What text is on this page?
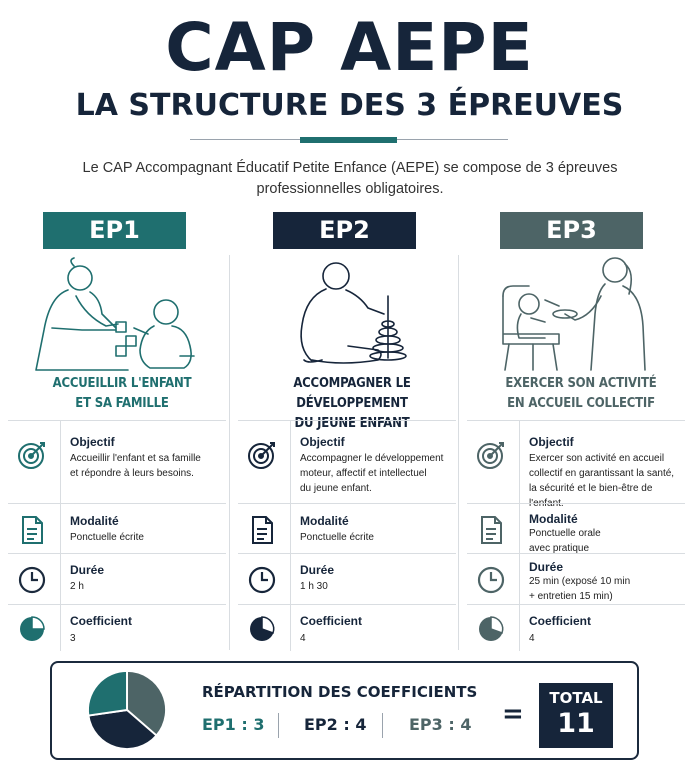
CAP AEPE
LA STRUCTURE DES 3 ÉPREUVES
Le CAP Accompagnant Éducatif Petite Enfance (AEPE) se compose de 3 épreuves
professionnelles obligatoires.
EP1
ACCUEILLIR L'ENFANT
ET SA FAMILLE
Objectif
Accueillir l'enfant et sa famille
et répondre à leurs besoins.
Modalité
Ponctuelle écrite
Durée
2 h
Coefficient
3
EP2
ACCOMPAGNER LE DÉVELOPPEMENT
DU JEUNE ENFANT
Objectif
Accompagner le développement
moteur, affectif et intellectuel
du jeune enfant.
Modalité
Ponctuelle écrite
Durée
1 h 30
Coefficient
4
EP3
EXERCER SON ACTIVITÉ
EN ACCUEIL COLLECTIF
Objectif
Exercer son activité en accueil
collectif en garantissant la santé,
la sécurité et le bien-être de l'enfant.
Modalité
Ponctuelle orale
avec pratique
Durée
25 min (exposé 10 min
+ entretien 15 min)
Coefficient
4
RÉPARTITION DES COEFFICIENTS
EP1 : 3 EP2 : 4	EP3 : 4 =
TOTAL
11
